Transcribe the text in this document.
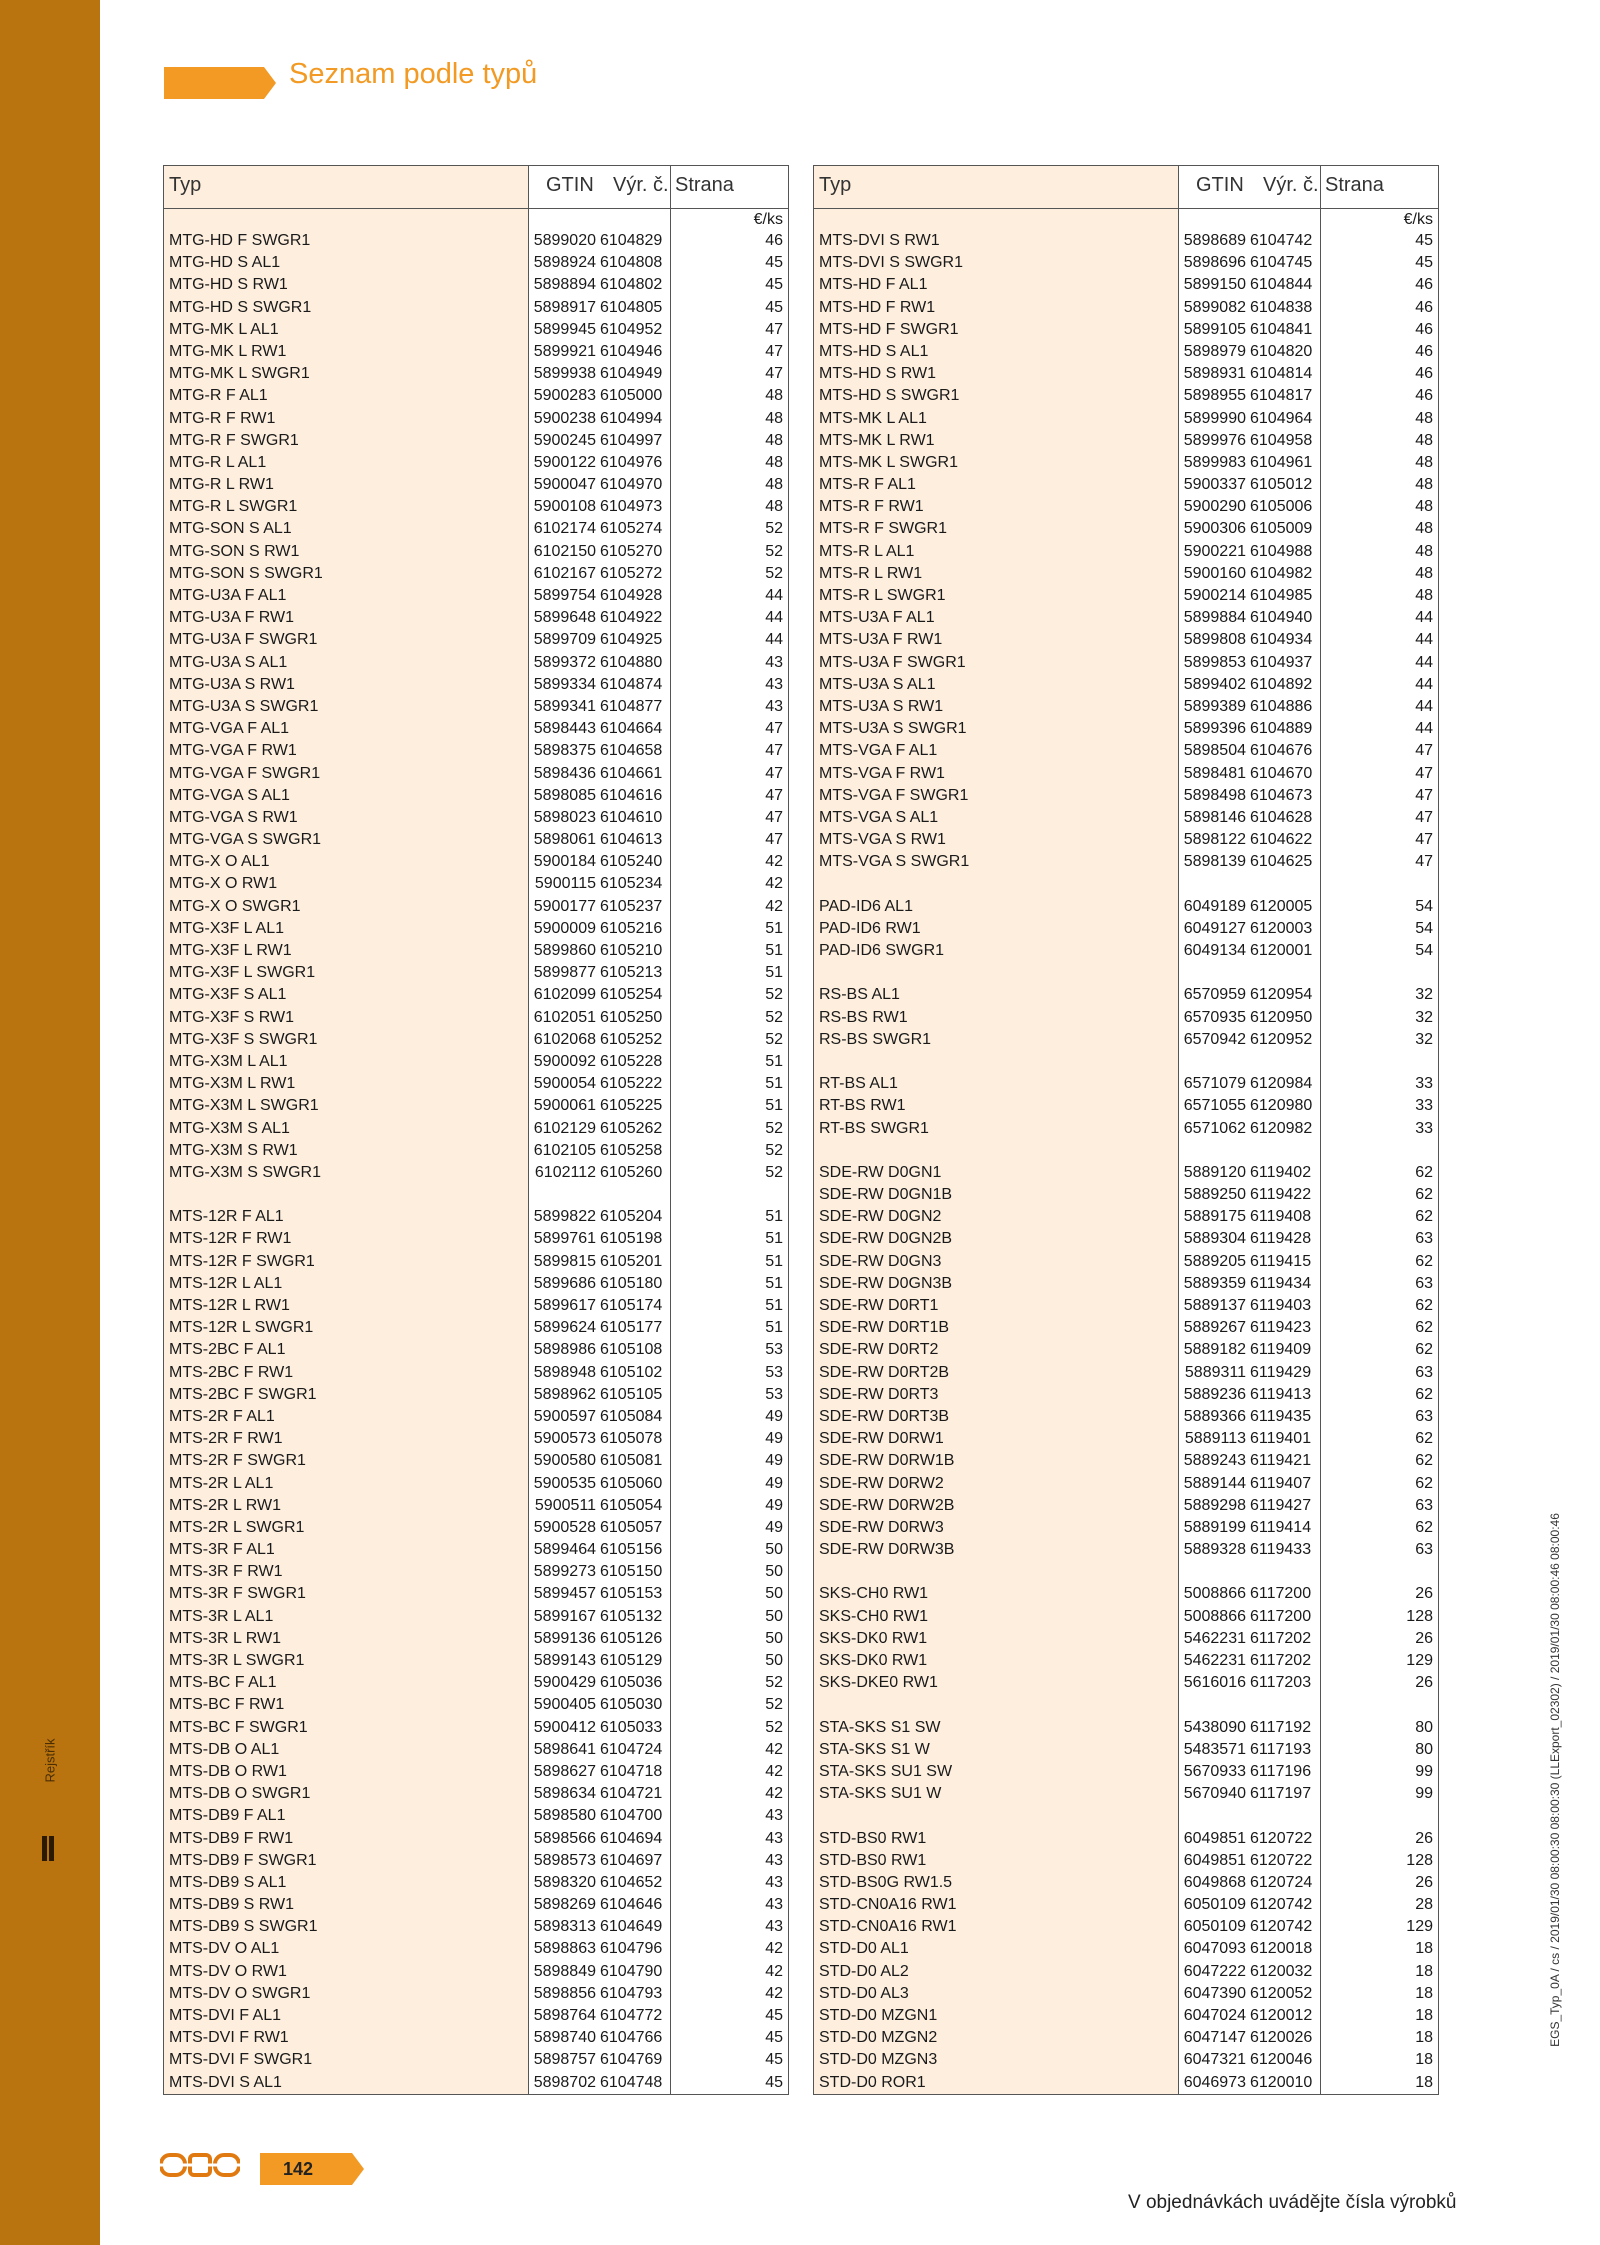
Rejstřík
Seznam podle typů
Typ	GTIN Výr. č. Strana
€/ks
MTG-HD F SWGR1	5899020 6104829	46
MTG-HD S AL1	5898924 6104808	45
MTG-HD S RW1	5898894 6104802	45
MTG-HD S SWGR1	5898917 6104805	45
MTG-MK L AL1	5899945 6104952	47
MTG-MK L RW1	5899921 6104946	47
MTG-MK L SWGR1	5899938 6104949	47
MTG-R F AL1	5900283 6105000	48
MTG-R F RW1	5900238 6104994	48
MTG-R F SWGR1	5900245 6104997	48
MTG-R L AL1	5900122 6104976	48
MTG-R L RW1	5900047 6104970	48
MTG-R L SWGR1	5900108 6104973	48
MTG-SON S AL1	6102174 6105274	52
MTG-SON S RW1	6102150 6105270	52
MTG-SON S SWGR1	6102167 6105272	52
MTG-U3A F AL1	5899754 6104928	44
MTG-U3A F RW1	5899648 6104922	44
MTG-U3A F SWGR1	5899709 6104925	44
MTG-U3A S AL1	5899372 6104880	43
MTG-U3A S RW1	5899334 6104874	43
MTG-U3A S SWGR1	5899341 6104877	43
MTG-VGA F AL1	5898443 6104664	47
MTG-VGA F RW1	5898375 6104658	47
MTG-VGA F SWGR1	5898436 6104661	47
MTG-VGA S AL1	5898085 6104616	47
MTG-VGA S RW1	5898023 6104610	47
MTG-VGA S SWGR1	5898061 6104613	47
MTG-X O AL1	5900184 6105240	42
MTG-X O RW1	5900115 6105234	42
MTG-X O SWGR1	5900177 6105237	42
MTG-X3F L AL1	5900009 6105216	51
MTG-X3F L RW1	5899860 6105210	51
MTG-X3F L SWGR1	5899877 6105213	51
MTG-X3F S AL1	6102099 6105254	52
MTG-X3F S RW1	6102051 6105250	52
MTG-X3F S SWGR1	6102068 6105252	52
MTG-X3M L AL1	5900092 6105228	51
MTG-X3M L RW1	5900054 6105222	51
MTG-X3M L SWGR1	5900061 6105225	51
MTG-X3M S AL1	6102129 6105262	52
MTG-X3M S RW1	6102105 6105258	52
MTG-X3M S SWGR1	6102112 6105260	52
MTS-12R F AL1	5899822 6105204	51
MTS-12R F RW1	5899761 6105198	51
MTS-12R F SWGR1	5899815 6105201	51
MTS-12R L AL1	5899686 6105180	51
MTS-12R L RW1	5899617 6105174	51
MTS-12R L SWGR1	5899624 6105177	51
MTS-2BC F AL1	5898986 6105108	53
MTS-2BC F RW1	5898948 6105102	53
MTS-2BC F SWGR1	5898962 6105105	53
MTS-2R F AL1	5900597 6105084	49
MTS-2R F RW1	5900573 6105078	49
MTS-2R F SWGR1	5900580 6105081	49
MTS-2R L AL1	5900535 6105060	49
MTS-2R L RW1	5900511 6105054	49
MTS-2R L SWGR1	5900528 6105057	49
MTS-3R F AL1	5899464 6105156	50
MTS-3R F RW1	5899273 6105150	50
MTS-3R F SWGR1	5899457 6105153	50
MTS-3R L AL1	5899167 6105132	50
MTS-3R L RW1	5899136 6105126	50
MTS-3R L SWGR1	5899143 6105129	50
MTS-BC F AL1	5900429 6105036	52
MTS-BC F RW1	5900405 6105030	52
MTS-BC F SWGR1	5900412 6105033	52
MTS-DB O AL1	5898641 6104724	42
MTS-DB O RW1	5898627 6104718	42
MTS-DB O SWGR1	5898634 6104721	42
MTS-DB9 F AL1	5898580 6104700	43
MTS-DB9 F RW1	5898566 6104694	43
MTS-DB9 F SWGR1	5898573 6104697	43
MTS-DB9 S AL1	5898320 6104652	43
MTS-DB9 S RW1	5898269 6104646	43
MTS-DB9 S SWGR1	5898313 6104649	43
MTS-DV O AL1	5898863 6104796	42
MTS-DV O RW1	5898849 6104790	42
MTS-DV O SWGR1	5898856 6104793	42
MTS-DVI F AL1	5898764 6104772	45
MTS-DVI F RW1	5898740 6104766	45
MTS-DVI F SWGR1	5898757 6104769	45
MTS-DVI S AL1	5898702 6104748	45
Typ	GTIN Výr. č. Strana
€/ks
MTS-DVI S RW1	5898689 6104742	45
MTS-DVI S SWGR1	5898696 6104745	45
MTS-HD F AL1	5899150 6104844	46
MTS-HD F RW1	5899082 6104838	46
MTS-HD F SWGR1	5899105 6104841	46
MTS-HD S AL1	5898979 6104820	46
MTS-HD S RW1	5898931 6104814	46
MTS-HD S SWGR1	5898955 6104817	46
MTS-MK L AL1	5899990 6104964	48
MTS-MK L RW1	5899976 6104958	48
MTS-MK L SWGR1	5899983 6104961	48
MTS-R F AL1	5900337 6105012	48
MTS-R F RW1	5900290 6105006	48
MTS-R F SWGR1	5900306 6105009	48
MTS-R L AL1	5900221 6104988	48
MTS-R L RW1	5900160 6104982	48
MTS-R L SWGR1	5900214 6104985	48
MTS-U3A F AL1	5899884 6104940	44
MTS-U3A F RW1	5899808 6104934	44
MTS-U3A F SWGR1	5899853 6104937	44
MTS-U3A S AL1	5899402 6104892	44
MTS-U3A S RW1	5899389 6104886	44
MTS-U3A S SWGR1	5899396 6104889	44
MTS-VGA F AL1	5898504 6104676	47
MTS-VGA F RW1	5898481 6104670	47
MTS-VGA F SWGR1	5898498 6104673	47
MTS-VGA S AL1	5898146 6104628	47
MTS-VGA S RW1	5898122 6104622	47
MTS-VGA S SWGR1	5898139 6104625	47
PAD-ID6 AL1	6049189 6120005	54
PAD-ID6 RW1	6049127 6120003	54
PAD-ID6 SWGR1	6049134 6120001	54
RS-BS AL1	6570959 6120954	32
RS-BS RW1	6570935 6120950	32
RS-BS SWGR1	6570942 6120952	32
RT-BS AL1	6571079 6120984	33
RT-BS RW1	6571055 6120980	33
RT-BS SWGR1	6571062 6120982	33
SDE-RW D0GN1	5889120 6119402	62
SDE-RW D0GN1B	5889250 6119422	62
SDE-RW D0GN2	5889175 6119408	62
SDE-RW D0GN2B	5889304 6119428	63
SDE-RW D0GN3	5889205 6119415	62
SDE-RW D0GN3B	5889359 6119434	63
SDE-RW D0RT1	5889137 6119403	62
SDE-RW D0RT1B	5889267 6119423	62
SDE-RW D0RT2	5889182 6119409	62
SDE-RW D0RT2B	5889311 6119429	63
SDE-RW D0RT3	5889236 6119413	62
SDE-RW D0RT3B	5889366 6119435	63
SDE-RW D0RW1	5889113 6119401	62
SDE-RW D0RW1B	5889243 6119421	62
SDE-RW D0RW2	5889144 6119407	62
SDE-RW D0RW2B	5889298 6119427	63
SDE-RW D0RW3	5889199 6119414	62
SDE-RW D0RW3B	5889328 6119433	63
SKS-CH0 RW1	5008866 6117200	26
SKS-CH0 RW1	5008866 6117200	128
SKS-DK0 RW1	5462231 6117202	26
SKS-DK0 RW1	5462231 6117202	129
SKS-DKE0 RW1	5616016 6117203	26
STA-SKS S1 SW	5438090 6117192	80
STA-SKS S1 W	5483571 6117193	80
STA-SKS SU1 SW	5670933 6117196	99
STA-SKS SU1 W	5670940 6117197	99
STD-BS0 RW1	6049851 6120722	26
STD-BS0 RW1	6049851 6120722	128
STD-BS0G RW1.5	6049868 6120724	26
STD-CN0A16 RW1	6050109 6120742	28
STD-CN0A16 RW1	6050109 6120742	129
STD-D0 AL1	6047093 6120018	18
STD-D0 AL2	6047222 6120032	18
STD-D0 AL3	6047390 6120052	18
STD-D0 MZGN1	6047024 6120012	18
STD-D0 MZGN2	6047147 6120026	18
STD-D0 MZGN3	6047321 6120046	18
STD-D0 ROR1	6046973 6120010	18
142
V objednávkách uvádějte čísla výrobků
EGS_Typ_0A / cs / 2019/01/30 08:00:30 08:00:30 (LLExport_02302) / 2019/01/30 08:00:46 08:00:46
